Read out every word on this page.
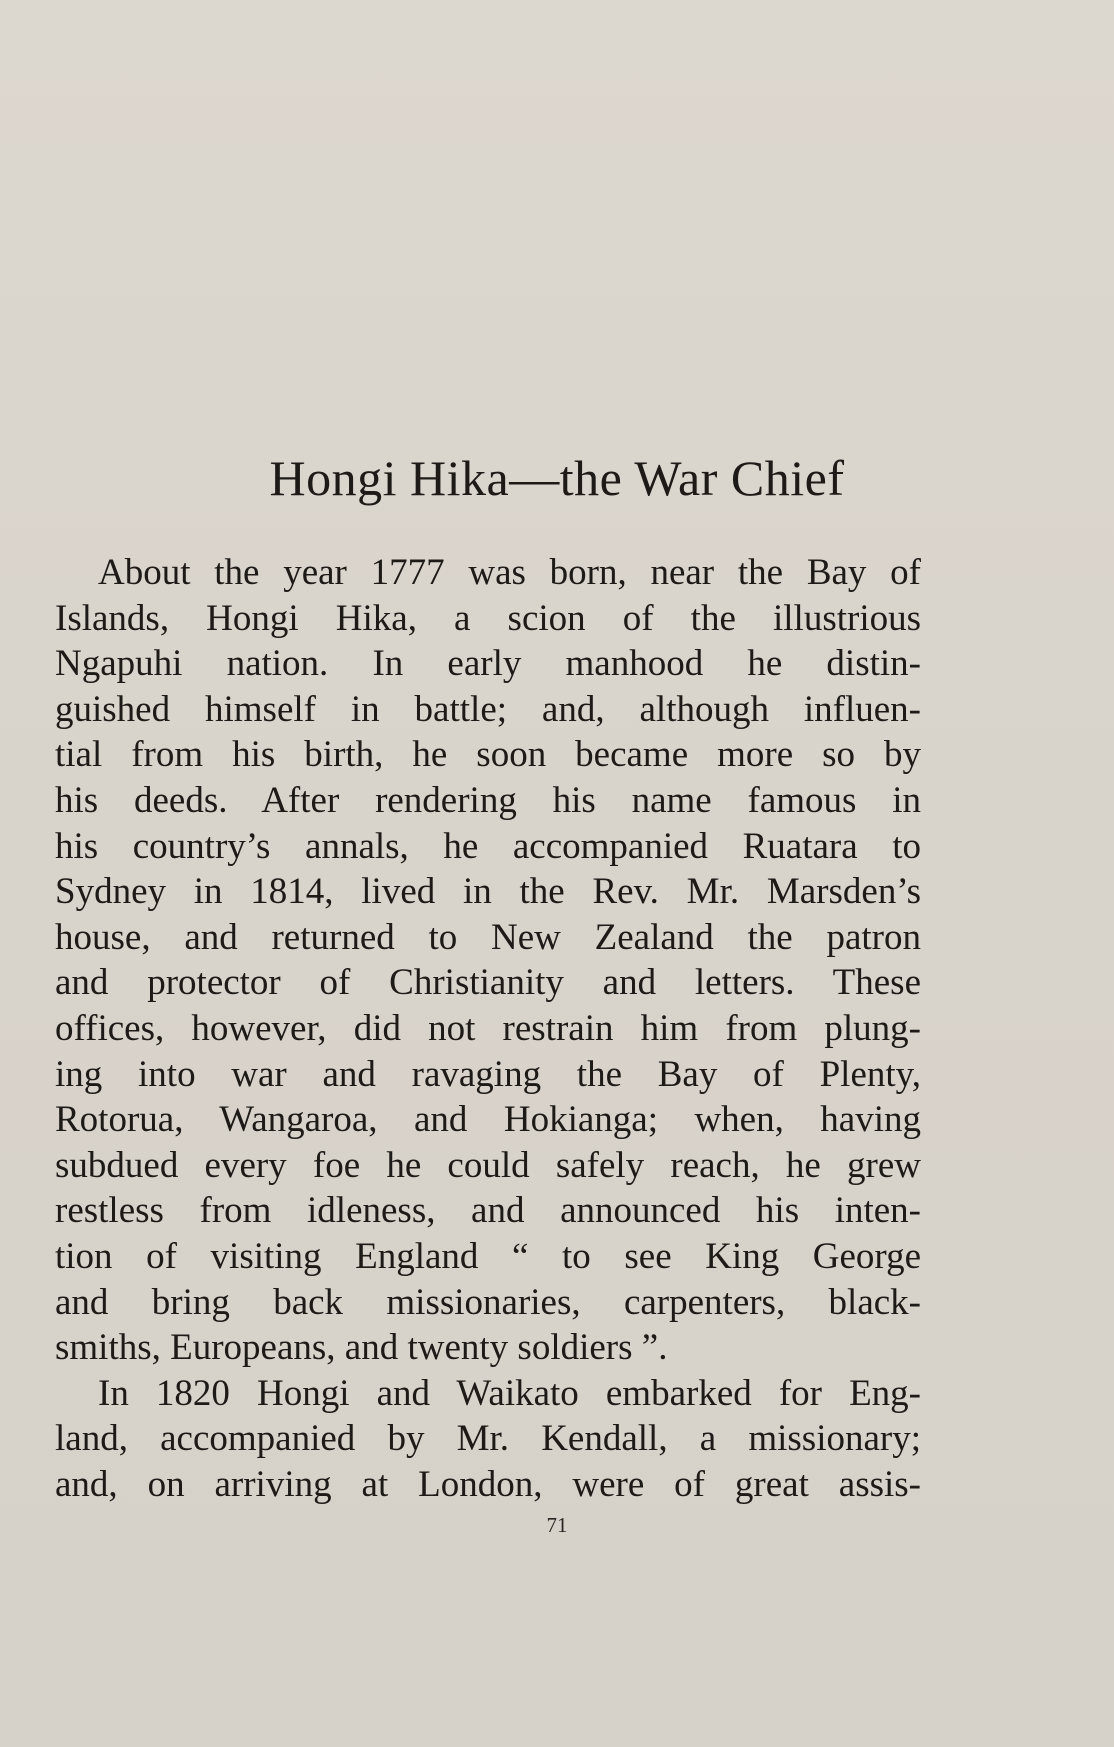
Hongi Hika—the War Chief
About the year 1777 was born, near the Bay of
Islands, Hongi Hika, a scion of the illustrious
Ngapuhi nation. In early manhood he distin-
guished himself in battle; and, although influen-
tial from his birth, he soon became more so by
his deeds. After rendering his name famous in
his country’s annals, he accompanied Ruatara to
Sydney in 1814, lived in the Rev. Mr. Marsden’s
house, and returned to New Zealand the patron
and protector of Christianity and letters. These
offices, however, did not restrain him from plung-
ing into war and ravaging the Bay of Plenty,
Rotorua, Wangaroa, and Hokianga; when, having
subdued every foe he could safely reach, he grew
restless from idleness, and announced his inten-
tion of visiting England “ to see King George
and bring back missionaries, carpenters, black-
smiths, Europeans, and twenty soldiers ”.
In 1820 Hongi and Waikato embarked for Eng-
land, accompanied by Mr. Kendall, a missionary;
and, on arriving at London, were of great assis-
71
